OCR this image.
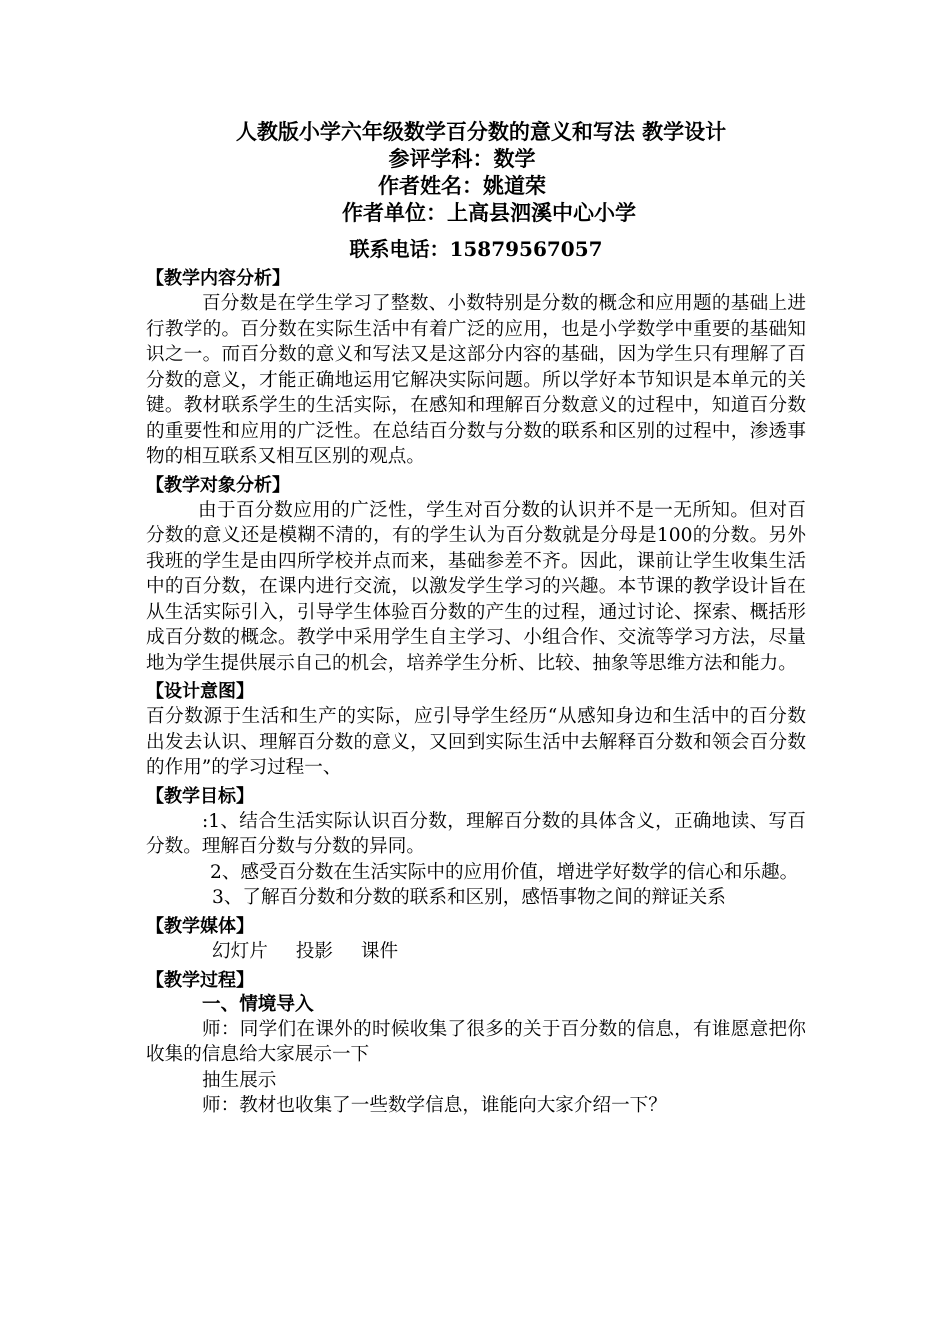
人教版小学六年级数学百分数的意义和写法 教学设计
参评学科：数学
作者姓名：姚道荣
作者单位：上高县泗溪中心小学
联系电话：15879567057
【教学内容分析】
百分数是在学生学习了整数、小数特别是分数的概念和应用题的基础上进行教学的。百分数在实际生活中有着广泛的应用，也是小学数学中重要的基础知识之一。而百分数的意义和写法又是这部分内容的基础，因为学生只有理解了百分数的意义，才能正确地运用它解决实际问题。所以学好本节知识是本单元的关键。教材联系学生的生活实际，在感知和理解百分数意义的过程中，知道百分数的重要性和应用的广泛性。在总结百分数与分数的联系和区别的过程中，渗透事物的相互联系又相互区别的观点。
【教学对象分析】
由于百分数应用的广泛性，学生对百分数的认识并不是一无所知。但对百分数的意义还是模糊不清的，有的学生认为百分数就是分母是100的分数。另外我班的学生是由四所学校并点而来，基础参差不齐。因此，课前让学生收集生活中的百分数，在课内进行交流，以激发学生学习的兴趣。本节课的教学设计旨在从生活实际引入，引导学生体验百分数的产生的过程，通过讨论、探索、概括形成百分数的概念。教学中采用学生自主学习、小组合作、交流等学习方法，尽量地为学生提供展示自己的机会，培养学生分析、比较、抽象等思维方法和能力。
【设计意图】
百分数源于生活和生产的实际，应引导学生经历“从感知身边和生活中的百分数出发去认识、理解百分数的意义，又回到实际生活中去解释百分数和领会百分数的作用”的学习过程一、
【教学目标】
:1、结合生活实际认识百分数，理解百分数的具体含义，正确地读、写百分数。理解百分数与分数的异同。
2、感受百分数在生活实际中的应用价值，增进学好数学的信心和乐趣。
3、了解百分数和分数的联系和区别，感悟事物之间的辩证关系
【教学媒体】
幻灯片 投影 课件
【教学过程】
一、情境导入
师：同学们在课外的时候收集了很多的关于百分数的信息，有谁愿意把你收集的信息给大家展示一下
抽生展示
师：教材也收集了一些数学信息，谁能向大家介绍一下？
